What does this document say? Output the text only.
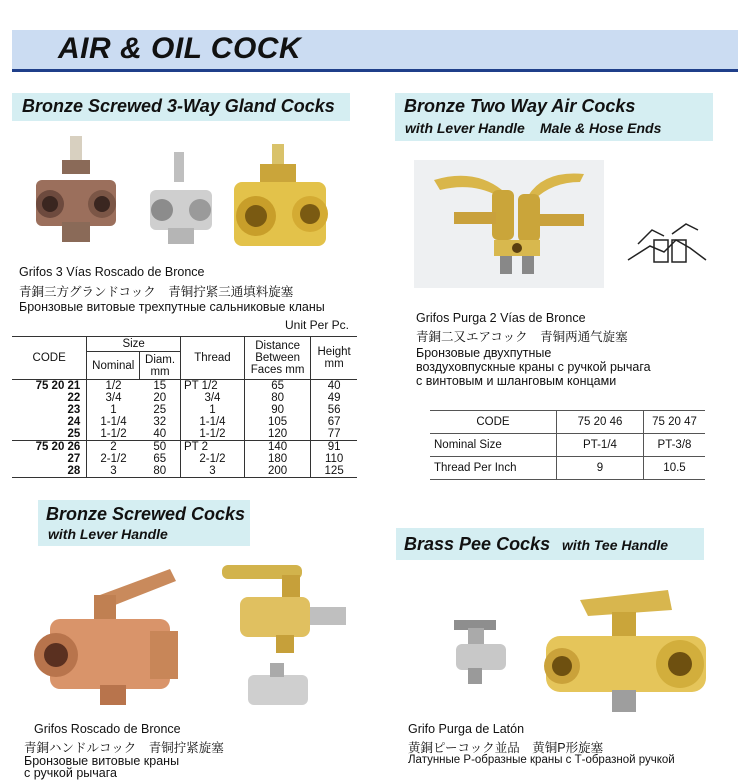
AIR & OIL COCK
Bronze Screwed 3-Way Gland Cocks
Grifos 3 Vías Roscado de Bronce
青銅三方グランドコック　青铜拧紧三通填料旋塞
Бронзовые витовые трехпутные сальниковые кланы
Unit Per Pc.
CODE	Size		Thread	Distance Between Faces mm	Height mm
	Nominal	Diam. mm			
75 20 21	1/2	15	PT 1/2	65	40
22	3/4	20	3/4	80	49
23	1	25	1	90	56
24	1-1/4	32	1-1/4	105	67
25	1-1/2	40	1-1/2	120	77
75 20 26	2	50	PT 2	140	91
27	2-1/2	65	2-1/2	180	110
28	3	80	3	200	125
Bronze Two Way Air Cocks
with Lever Handle Male & Hose Ends
Grifos Purga 2 Vías de Bronce
青銅二又エアコック　青铜两通气旋塞
Бронзовые двухпутные
воздуховпускные краны с ручкой рычага
с винтовым и шланговым концами
CODE	75 20 46	75 20 47
Nominal Size	PT-1/4	PT-3/8
Thread Per Inch	9	10.5
Bronze Screwed Cocks
with Lever Handle
Grifos Roscado de Bronce
青銅ハンドルコック　青铜拧紧旋塞
Бронзовые витовые краны
с ручкой рычага
Brass Pee Cocks with Tee Handle
Grifo Purga de Latón
黄銅ピーコック並品　黄铜P形旋塞
Латунные Р-образные краны с Т-образной ручкой
